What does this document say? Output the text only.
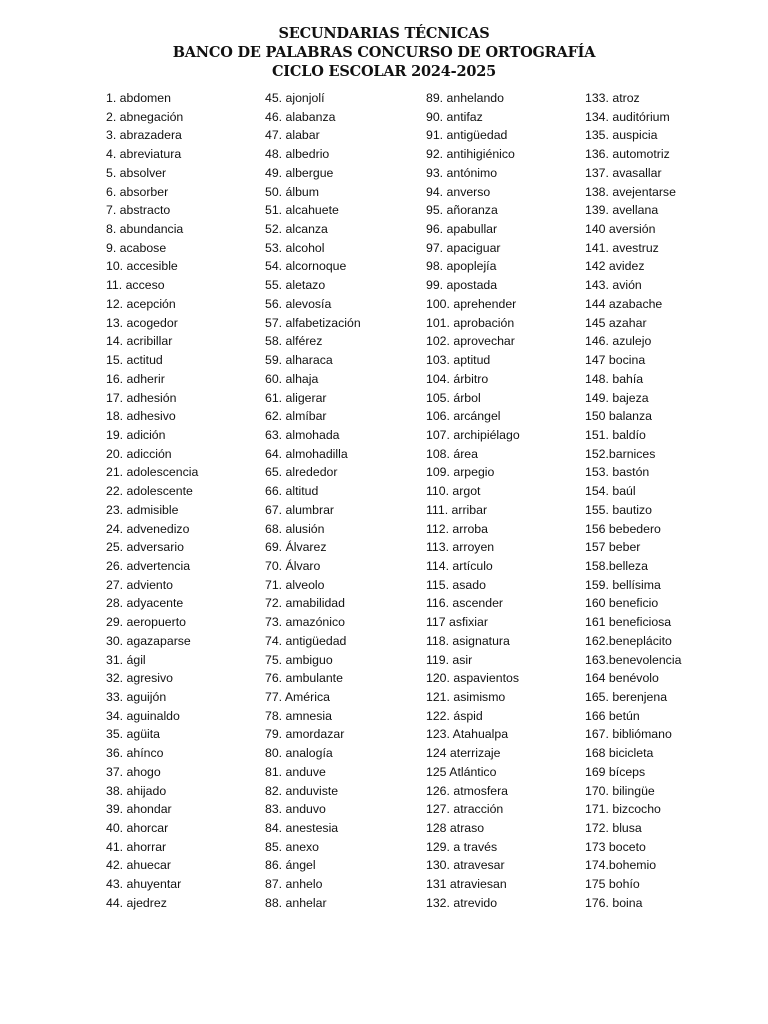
SECUNDARIAS TÉCNICAS
BANCO DE PALABRAS CONCURSO DE ORTOGRAFÍA
CICLO ESCOLAR 2024-2025
1. abdomen
2. abnegación
3. abrazadera
4. abreviatura
5. absolver
6. absorber
7. abstracto
8. abundancia
9. acabose
10. accesible
11. acceso
12. acepción
13. acogedor
14. acribillar
15. actitud
16. adherir
17. adhesión
18. adhesivo
19. adición
20. adicción
21. adolescencia
22. adolescente
23. admisible
24. advenedizo
25. adversario
26. advertencia
27. adviento
28. adyacente
29. aeropuerto
30. agazaparse
31. ágil
32. agresivo
33. aguijón
34. aguinaldo
35. agüita
36. ahínco
37. ahogo
38. ahijado
39. ahondar
40. ahorcar
41. ahorrar
42. ahuecar
43. ahuyentar
44. ajedrez
45. ajonjolí
46. alabanza
47. alabar
48. albedrio
49. albergue
50. álbum
51. alcahuete
52. alcanza
53. alcohol
54. alcornoque
55. aletazo
56. alevosía
57. alfabetización
58. alférez
59. alharaca
60. alhaja
61. aligerar
62. almíbar
63. almohada
64. almohadilla
65. alrededor
66. altitud
67. alumbrar
68. alusión
69. Álvarez
70. Álvaro
71. alveolo
72. amabilidad
73. amazónico
74. antigüedad
75. ambiguo
76. ambulante
77. América
78. amnesia
79. amordazar
80. analogía
81. anduve
82. anduviste
83. anduvo
84. anestesia
85. anexo
86. ángel
87. anhelo
88. anhelar
89. anhelando
90. antifaz
91. antigüedad
92. antihigiénico
93. antónimo
94. anverso
95. añoranza
96. apabullar
97. apaciguar
98. apoplejía
99. apostada
100. aprehender
101. aprobación
102. aprovechar
103. aptitud
104. árbitro
105. árbol
106. arcángel
107. archipiélago
108. área
109. arpegio
110. argot
111. arribar
112. arroba
113. arroyen
114. artículo
115. asado
116. ascender
117 asfixiar
118. asignatura
119. asir
120. aspavientos
121. asimismo
122. áspid
123. Atahualpa
124 aterrizaje
125 Atlántico
126. atmosfera
127. atracción
128 atraso
129. a través
130. atravesar
131 atraviesan
132. atrevido
133. atroz
134. auditórium
135. auspicia
136. automotriz
137. avasallar
138. avejentarse
139. avellana
140 aversión
141. avestruz
142 avidez
143. avión
144 azabache
145 azahar
146. azulejo
147 bocina
148. bahía
149. bajeza
150 balanza
151. baldío
152.barnices
153. bastón
154. baúl
155. bautizo
156 bebedero
157 beber
158.belleza
159. bellísima
160 beneficio
161 beneficiosa
162.beneplácito
163.benevolencia
164 benévolo
165. berenjena
166 betún
167. bibliómano
168 bicicleta
169 bíceps
170. bilingüe
171. bizcocho
172. blusa
173 boceto
174.bohemio
175 bohío
176. boina
